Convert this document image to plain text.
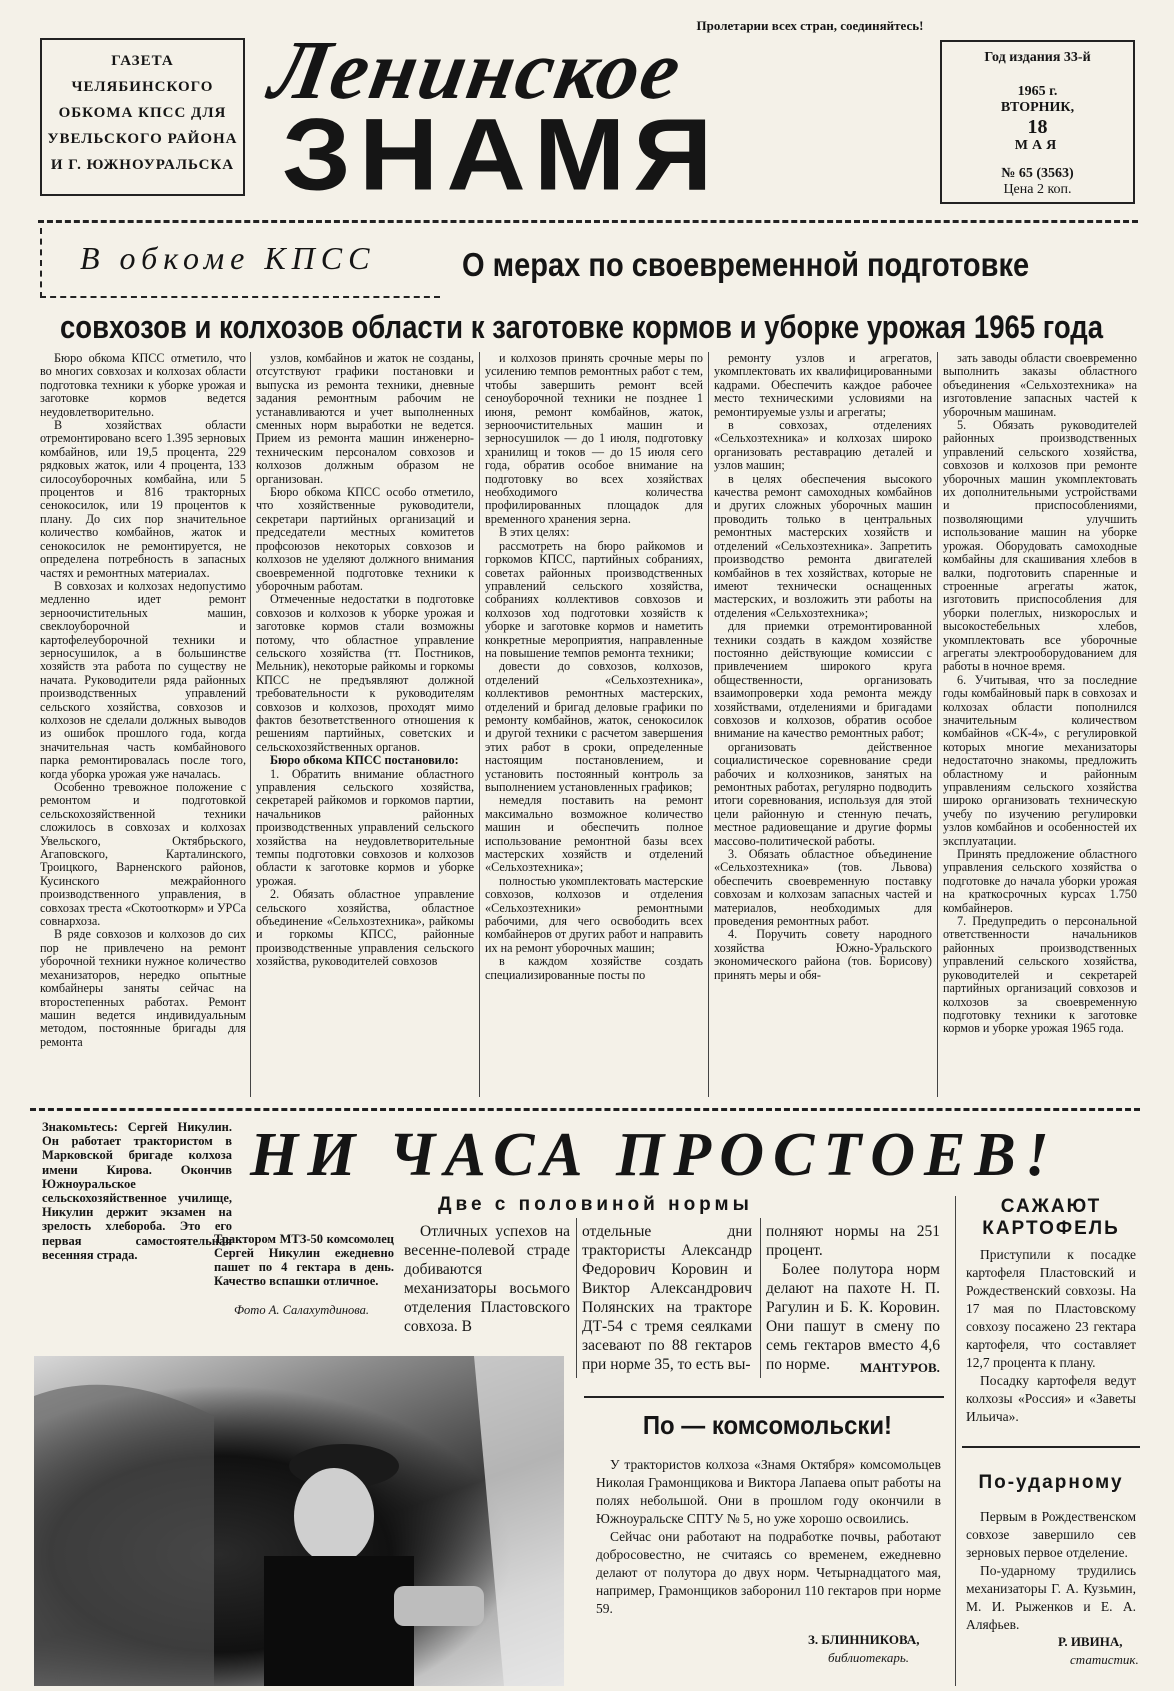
Пролетарии всех стран, соединяйтесь!
ГАЗЕТА
ЧЕЛЯБИНСКОГО
ОБКОМА КПСС ДЛЯ
УВЕЛЬСКОГО РАЙОНА
И Г. ЮЖНОУРАЛЬСКА
Ленинское
ЗНАМЯ
Год издания 33-й
1965 г.
ВТОРНИК,
18
МАЯ
№ 65 (3563)
Цена 2 коп.
В обкоме КПСС	О мерах по своевременной подготовке
совхозов и колхозов области к заготовке кормов и уборке урожая 1965 года

Бюро обкома КПСС отметило, что во многих совхозах и колхозах области подготовка техники к уборке урожая и заготовке кормов ведется неудовлетворительно.

В хозяйствах области отремонтировано всего 1.395 зерновых комбайнов, или 19,5 процента, 229 рядковых жаток, или 4 процента, 133 силосоуборочных комбайна, или 5 процентов и 816 тракторных сенокосилок, или 19 процентов к плану. До сих пор значительное количество комбайнов, жаток и сенокосилок не ремонтируется, не определена потребность в запасных частях и ремонтных материалах.

В совхозах и колхозах недопустимо медленно идет ремонт зерноочистительных машин, свеклоуборочной и картофелеуборочной техники и зерносушилок, а в большинстве хозяйств эта работа по существу не начата. Руководители ряда районных производственных управлений сельского хозяйства, совхозов и колхозов не сделали должных выводов из ошибок прошлого года, когда значительная часть комбайнового парка ремонтировалась после того, когда уборка урожая уже началась.

Особенно тревожное положение с ремонтом и подготовкой сельскохозяйственной техники сложилось в совхозах и колхозах Увельского, Октябрьского, Агаповского, Карталинского, Троицкого, Варненского районов, Кусинского межрайонного производственного управления, в совхозах треста «Скотооткорм» и УРСа совнархоза.

В ряде совхозов и колхозов до сих пор не привлечено на ремонт уборочной техники нужное количество механизаторов, нередко опытные комбайнеры заняты сейчас на второстепенных работах. Ремонт машин ведется индивидуальным методом, постоянные бригады для ремонта

узлов, комбайнов и жаток не созданы, отсутствуют графики постановки и выпуска из ремонта техники, дневные задания ремонтным рабочим не устанавливаются и учет выполненных сменных норм выработки не ведется. Прием из ремонта машин инженерно-техническим персоналом совхозов и колхозов должным образом не организован.

Бюро обкома КПСС особо отметило, что хозяйственные руководители, секретари партийных организаций и председатели местных комитетов профсоюзов некоторых совхозов и колхозов не уделяют должного внимания своевременной подготовке техники к уборочным работам.

Отмеченные недостатки в подготовке совхозов и колхозов к уборке урожая и заготовке кормов стали возможны потому, что областное управление сельского хозяйства (тт. Постников, Мельник), некоторые райкомы и горкомы КПСС не предъявляют должной требовательности к руководителям совхозов и колхозов, проходят мимо фактов безответственного отношения к решениям партийных, советских и сельскохозяйственных органов.

Бюро обкома КПСС постановило:

1. Обратить внимание областного управления сельского хозяйства, секретарей райкомов и горкомов партии, начальников районных производственных управлений сельского хозяйства на неудовлетворительные темпы подготовки совхозов и колхозов области к заготовке кормов и уборке урожая.

2. Обязать областное управление сельского хозяйства, областное объединение «Сельхозтехника», райкомы и горкомы КПСС, районные производственные управления сельского хозяйства, руководителей совхозов

и колхозов принять срочные меры по усилению темпов ремонтных работ с тем, чтобы завершить ремонт всей сеноуборочной техники не позднее 1 июня, ремонт комбайнов, жаток, зерноочистительных машин и зерносушилок — до 1 июля, подготовку хранилищ и токов — до 15 июля сего года, обратив особое внимание на подготовку во всех хозяйствах необходимого количества профилированных площадок для временного хранения зерна.

В этих целях:

рассмотреть на бюро райкомов и горкомов КПСС, партийных собраниях, советах районных производственных управлений сельского хозяйства, собраниях коллективов совхозов и колхозов ход подготовки хозяйств к уборке и заготовке кормов и наметить конкретные мероприятия, направленные на повышение темпов ремонта техники;

довести до совхозов, колхозов, отделений «Сельхозтехника», коллективов ремонтных мастерских, отделений и бригад деловые графики по ремонту комбайнов, жаток, сенокосилок и другой техники с расчетом завершения этих работ в сроки, определенные настоящим постановлением, и установить постоянный контроль за выполнением установленных графиков;

немедля поставить на ремонт максимально возможное количество машин и обеспечить полное использование ремонтной базы всех мастерских хозяйств и отделений «Сельхозтехника»;

полностью укомплектовать мастерские совхозов, колхозов и отделения «Сельхозтехники» ремонтными рабочими, для чего освободить всех комбайнеров от других работ и направить их на ремонт уборочных машин;

в каждом хозяйстве создать специализированные посты по

ремонту узлов и агрегатов, укомплектовать их квалифицированными кадрами. Обеспечить каждое рабочее место техническими условиями на ремонтируемые узлы и агрегаты;

в совхозах, отделениях «Сельхозтехника» и колхозах широко организовать реставрацию деталей и узлов машин;

в целях обеспечения высокого качества ремонт самоходных комбайнов и других сложных уборочных машин проводить только в центральных ремонтных мастерских хозяйств и отделений «Сельхозтехника». Запретить производство ремонта двигателей комбайнов в тех хозяйствах, которые не имеют технически оснащенных мастерских, и возложить эти работы на отделения «Сельхозтехника»;

для приемки отремонтированной техники создать в каждом хозяйстве постоянно действующие комиссии с привлечением широкого круга общественности, организовать взаимопроверки хода ремонта между хозяйствами, отделениями и бригадами совхозов и колхозов, обратив особое внимание на качество ремонтных работ;

организовать действенное социалистическое соревнование среди рабочих и колхозников, занятых на ремонтных работах, регулярно подводить итоги соревнования, используя для этой цели районную и стенную печать, местное радиовещание и другие формы массово-политической работы.

3. Обязать областное объединение «Сельхозтехника» (тов. Львова) обеспечить своевременную поставку совхозам и колхозам запасных частей и материалов, необходимых для проведения ремонтных работ.

4. Поручить совету народного хозяйства Южно-Уральского экономического района (тов. Борисову) принять меры и обя-

зать заводы области своевременно выполнить заказы областного объединения «Сельхозтехника» на изготовление запасных частей к уборочным машинам.

5. Обязать руководителей районных производственных управлений сельского хозяйства, совхозов и колхозов при ремонте уборочных машин укомплектовать их дополнительными устройствами и приспособлениями, позволяющими улучшить использование машин на уборке урожая. Оборудовать самоходные комбайны для скашивания хлебов в валки, подготовить спаренные и строенные агрегаты жаток, изготовить приспособления для уборки полеглых, низкорослых и высокостебельных хлебов, укомплектовать все уборочные агрегаты электрооборудованием для работы в ночное время.

6. Учитывая, что за последние годы комбайновый парк в совхозах и колхозах области пополнился значительным количеством комбайнов «СК-4», с регулировкой которых многие механизаторы недостаточно знакомы, предложить областному и районным управлениям сельского хозяйства широко организовать техническую учебу по изучению регулировки узлов комбайнов и особенностей их эксплуатации.

Принять предложение областного управления сельского хозяйства о подготовке до начала уборки урожая на краткосрочных курсах 1.750 комбайнеров.

7. Предупредить о персональной ответственности начальников районных производственных управлений сельского хозяйства, руководителей и секретарей партийных организаций совхозов и колхозов за своевременную подготовку техники к заготовке кормов и уборке урожая 1965 года.

Знакомьтесь: Сергей Никулин. Он работает трактористом в Марковской бригаде колхоза имени Кирова. Окончив Южноуральское сельскохозяйственное училище, Никулин держит экзамен на зрелость хлебороба. Это его первая самостоятельная весенняя страда.
НИ ЧАСА ПРОСТОЕВ!
Трактором МТЗ-50 комсомолец Сергей Никулин ежедневно пашет по 4 гектара в день. Качество вспашки отличное.
Фото А. Салахутдинова.
Две с половиной нормы

Отличных успехов на весенне-полевой страде добиваются механизаторы восьмого отделения Пластовского совхоза. В

отдельные дни трактористы Александр Федорович Коровин и Виктор Александрович Полянских на тракторе ДТ-54 с тремя сеялками засевают по 88 гектаров при норме 35, то есть вы-
полняют нормы на 251 процент.

Более полутора норм делают на пахоте Н. П. Рагулин и Б. К. Коровин. Они пашут в смену по семь гектаров вместо 4,6 по норме.	МАНТУРОВ.
По — комсомольски!

У трактористов колхоза «Знамя Октября» комсомольцев Николая Грамонщикова и Виктора Лапаева опыт работы на полях небольшой. Они в прошлом году окончили в Южноуральске СПТУ № 5, но уже хорошо освоились.

Сейчас они работают на подработке почвы, работают добросовестно, не считаясь со временем, ежедневно делают от полутора до двух норм. Четырнадцатого мая, например, Грамонщиков заборонил 110 гектаров при норме 59.

З. БЛИННИКОВА,
библиотекарь.
САЖАЮТ
КАРТОФЕЛЬ

Приступили к посадке картофеля Пластовский и Рождественский совхозы. На 17 мая по Пластовскому совхозу посажено 23 гектара картофеля, что составляет 12,7 процента к плану.

Посадку картофеля ведут колхозы «Россия» и «Заветы Ильича».

По-ударному

Первым в Рождественском совхозе завершило сев зерновых первое отделение.

По-ударному трудились механизаторы Г. А. Кузьмин, М. И. Рыженков и Е. А. Аляфьев.

Р. ИВИНА,
статистик.
